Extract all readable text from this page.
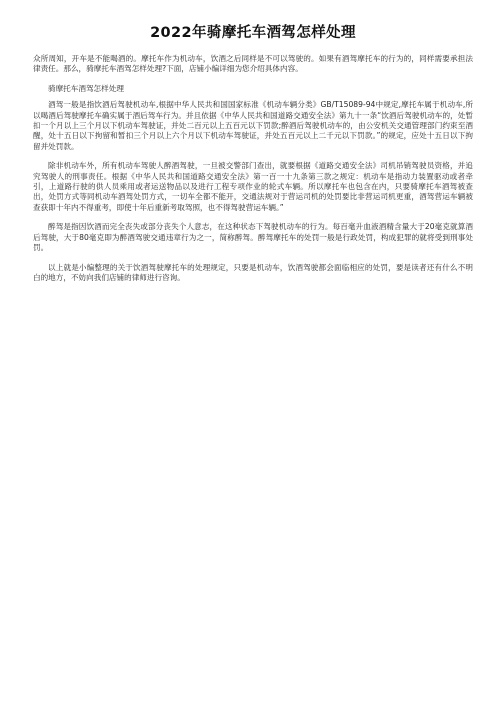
2022年骑摩托车酒驾怎样处理

众所周知，开车是不能喝酒的。摩托车作为机动车，饮酒之后同样是不可以驾驶的。如果有酒驾摩托车的行为的，同样需要承担法律责任。那么，骑摩托车酒驾怎样处理?下面，店铺小编详细为您介绍具体内容。

骑摩托车酒驾怎样处理

酒驾一般是指饮酒后驾驶机动车,根据中华人民共和国国家标准《机动车辆分类》GB/T15089-94中规定,摩托车属于机动车,所以喝酒后驾驶摩托车确实属于酒后驾车行为。并且依据《中华人民共和国道路交通安全法》第九十一条“饮酒后驾驶机动车的，处暂扣一个月以上三个月以下机动车驾驶证，并处二百元以上五百元以下罚款;醉酒后驾驶机动车的，由公安机关交通管理部门约束至酒醒，处十五日以下拘留和暂扣三个月以上六个月以下机动车驾驶证，并处五百元以上二千元以下罚款。”的规定，应处十五日以下拘留并处罚款。

除非机动车外，所有机动车驾驶人醉酒驾驶，一旦被交警部门查出，就要根据《道路交通安全法》司机吊销驾驶员资格，并追究驾驶人的刑事责任。根据《中华人民共和国道路交通安全法》第一百一十九条第三款之规定：机动车是指动力装置驱动或者牵引，上道路行驶的供人员乘用或者运送物品以及进行工程专项作业的轮式车辆。所以摩托车也包含在内，只要骑摩托车酒驾被查出，处罚方式等同机动车酒驾处罚方式，一切车全都不能开，交通法规对于营运司机的处罚要比非营运司机更重，酒驾营运车辆被查获即十年内不得重考，即使十年后重新考取驾照，也不得驾驶营运车辆。”

醉驾是指因饮酒而完全丧失或部分丧失个人意志，在这种状态下驾驶机动车的行为。每百毫升血液酒精含量大于20毫克就算酒后驾驶，大于80毫克即为醉酒驾驶交通违章行为之一，简称醉驾。醉驾摩托车的处罚一般是行政处罚，构成犯罪的就将受到刑事处罚。

以上就是小编整理的关于饮酒驾驶摩托车的处理规定，只要是机动车，饮酒驾驶都会面临相应的处罚，要是读者还有什么不明白的地方，不妨向我们店铺的律师进行咨询。
